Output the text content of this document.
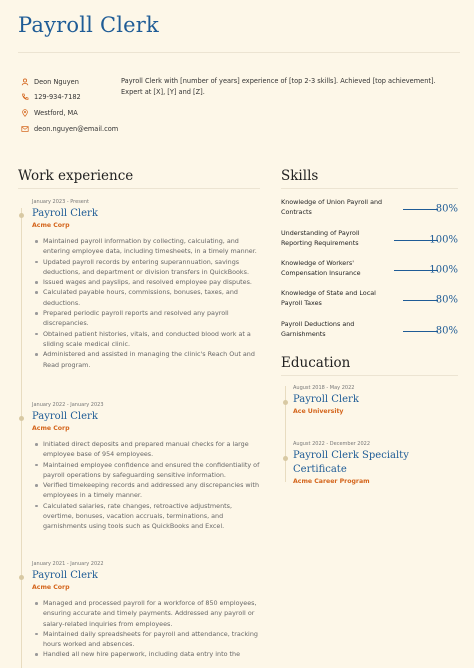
Payroll Clerk
Deon Nguyen
129-934-7182
Westford, MA
deon.nguyen@email.com
Payroll Clerk with [number of years] experience of [top 2-3 skills]. Achieved [top achievement]. Expert at [X], [Y] and [Z].
Work experience
January 2023 - Present
Payroll Clerk
Acme Corp
Maintained payroll information by collecting, calculating, and entering employee data, including timesheets, in a timely manner.
Updated payroll records by entering superannuation, savings deductions, and department or division transfers in QuickBooks.
Issued wages and payslips, and resolved employee pay disputes.
Calculated payable hours, commissions, bonuses, taxes, and deductions.
Prepared periodic payroll reports and resolved any payroll discrepancies.
Obtained patient histories, vitals, and conducted blood work at a sliding scale medical clinic.
Administered and assisted in managing the clinic's Reach Out and Read program.
January 2022 - January 2023
Payroll Clerk
Acme Corp
Initiated direct deposits and prepared manual checks for a large employee base of 954 employees.
Maintained employee confidence and ensured the confidentiality of payroll operations by safeguarding sensitive information.
Verified timekeeping records and addressed any discrepancies with employees in a timely manner.
Calculated salaries, rate changes, retroactive adjustments, overtime, bonuses, vacation accruals, terminations, and garnishments using tools such as QuickBooks and Excel.
January 2021 - January 2022
Payroll Clerk
Acme Corp
Managed and processed payroll for a workforce of 850 employees, ensuring accurate and timely payments. Addressed any payroll or salary-related inquiries from employees.
Maintained daily spreadsheets for payroll and attendance, tracking hours worked and absences.
Handled all new hire paperwork, including data entry into the
Skills
Knowledge of Union Payroll and Contracts	80%
Understanding of Payroll Reporting Requirements	100%
Knowledge of Workers' Compensation Insurance	100%
Knowledge of State and Local Payroll Taxes	80%
Payroll Deductions and Garnishments	80%
Education
August 2018 - May 2022
Payroll Clerk
Ace University
August 2022 - December 2022
Payroll Clerk Specialty Certificate
Acme Career Program
